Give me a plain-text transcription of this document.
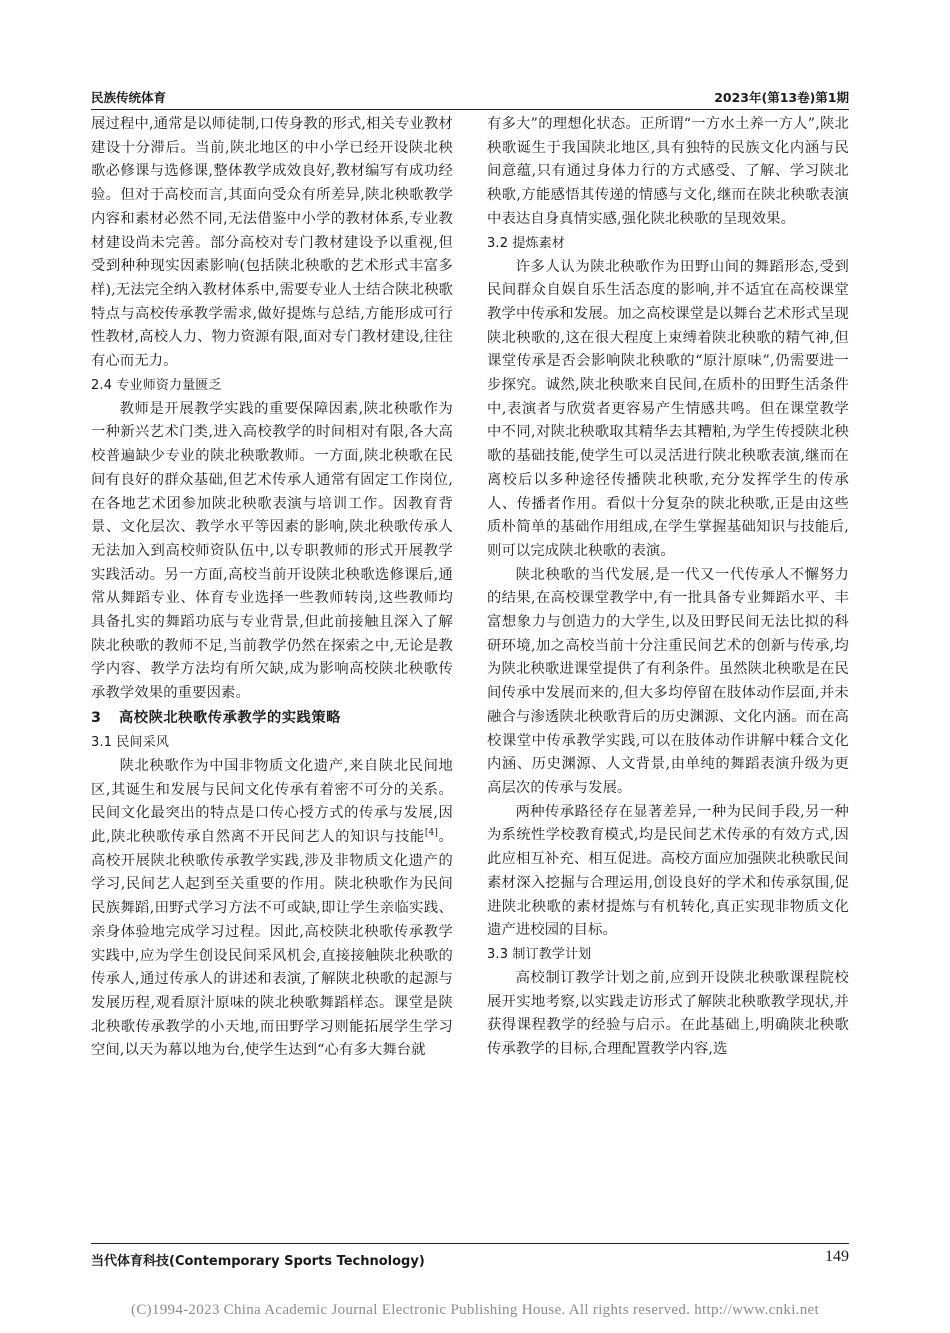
民族传统体育	2023年(第13卷)第1期

展过程中,通常是以师徒制,口传身教的形式,相关专业教材建设十分滞后。当前,陕北地区的中小学已经开设陕北秧歌必修课与选修课,整体教学成效良好,教材编写有成功经验。但对于高校而言,其面向受众有所差异,陕北秧歌教学内容和素材必然不同,无法借鉴中小学的教材体系,专业教材建设尚未完善。部分高校对专门教材建设予以重视,但受到种种现实因素影响(包括陕北秧歌的艺术形式丰富多样),无法完全纳入教材体系中,需要专业人士结合陕北秧歌特点与高校传承教学需求,做好提炼与总结,方能形成可行性教材,高校人力、物力资源有限,面对专门教材建设,往往有心而无力。

2.4 专业师资力量匮乏

教师是开展教学实践的重要保障因素,陕北秧歌作为一种新兴艺术门类,进入高校教学的时间相对有限,各大高校普遍缺少专业的陕北秧歌教师。一方面,陕北秧歌在民间有良好的群众基础,但艺术传承人通常有固定工作岗位,在各地艺术团参加陕北秧歌表演与培训工作。因教育背景、文化层次、教学水平等因素的影响,陕北秧歌传承人无法加入到高校师资队伍中,以专职教师的形式开展教学实践活动。另一方面,高校当前开设陕北秧歌选修课后,通常从舞蹈专业、体育专业选择一些教师转岗,这些教师均具备扎实的舞蹈功底与专业背景,但此前接触且深入了解陕北秧歌的教师不足,当前教学仍然在探索之中,无论是教学内容、教学方法均有所欠缺,成为影响高校陕北秧歌传承教学效果的重要因素。

3 高校陕北秧歌传承教学的实践策略

3.1 民间采风

陕北秧歌作为中国非物质文化遗产,来自陕北民间地区,其诞生和发展与民间文化传承有着密不可分的关系。民间文化最突出的特点是口传心授方式的传承与发展,因此,陕北秧歌传承自然离不开民间艺人的知识与技能[4]。高校开展陕北秧歌传承教学实践,涉及非物质文化遗产的学习,民间艺人起到至关重要的作用。陕北秧歌作为民间民族舞蹈,田野式学习方法不可或缺,即让学生亲临实践、亲身体验地完成学习过程。因此,高校陕北秧歌传承教学实践中,应为学生创设民间采风机会,直接接触陕北秧歌的传承人,通过传承人的讲述和表演,了解陕北秧歌的起源与发展历程,观看原汁原味的陕北秧歌舞蹈样态。课堂是陕北秧歌传承教学的小天地,而田野学习则能拓展学生学习空间,以天为幕以地为台,使学生达到“心有多大舞台就

有多大”的理想化状态。正所谓“一方水土养一方人”,陕北秧歌诞生于我国陕北地区,具有独特的民族文化内涵与民间意蕴,只有通过身体力行的方式感受、了解、学习陕北秧歌,方能感悟其传递的情感与文化,继而在陕北秧歌表演中表达自身真情实感,强化陕北秧歌的呈现效果。

3.2 提炼素材

许多人认为陕北秧歌作为田野山间的舞蹈形态,受到民间群众自娱自乐生活态度的影响,并不适宜在高校课堂教学中传承和发展。加之高校课堂是以舞台艺术形式呈现陕北秧歌的,这在很大程度上束缚着陕北秧歌的精气神,但课堂传承是否会影响陕北秧歌的“原汁原味”,仍需要进一步探究。诚然,陕北秧歌来自民间,在质朴的田野生活条件中,表演者与欣赏者更容易产生情感共鸣。但在课堂教学中不同,对陕北秧歌取其精华去其糟粕,为学生传授陕北秧歌的基础技能,使学生可以灵活进行陕北秧歌表演,继而在离校后以多种途径传播陕北秧歌,充分发挥学生的传承人、传播者作用。看似十分复杂的陕北秧歌,正是由这些质朴简单的基础作用组成,在学生掌握基础知识与技能后,则可以完成陕北秧歌的表演。

陕北秧歌的当代发展,是一代又一代传承人不懈努力的结果,在高校课堂教学中,有一批具备专业舞蹈水平、丰富想象力与创造力的大学生,以及田野民间无法比拟的科研环境,加之高校当前十分注重民间艺术的创新与传承,均为陕北秧歌进课堂提供了有利条件。虽然陕北秧歌是在民间传承中发展而来的,但大多均停留在肢体动作层面,并未融合与渗透陕北秧歌背后的历史渊源、文化内涵。而在高校课堂中传承教学实践,可以在肢体动作讲解中糅合文化内涵、历史渊源、人文背景,由单纯的舞蹈表演升级为更高层次的传承与发展。

两种传承路径存在显著差异,一种为民间手段,另一种为系统性学校教育模式,均是民间艺术传承的有效方式,因此应相互补充、相互促进。高校方面应加强陕北秧歌民间素材深入挖掘与合理运用,创设良好的学术和传承氛围,促进陕北秧歌的素材提炼与有机转化,真正实现非物质文化遗产进校园的目标。

3.3 制订教学计划

高校制订教学计划之前,应到开设陕北秧歌课程院校展开实地考察,以实践走访形式了解陕北秧歌教学现状,并获得课程教学的经验与启示。在此基础上,明确陕北秧歌传承教学的目标,合理配置教学内容,选

当代体育科技(Contemporary Sports Technology)	149
(C)1994-2023 China Academic Journal Electronic Publishing House. All rights reserved. http://www.cnki.net
